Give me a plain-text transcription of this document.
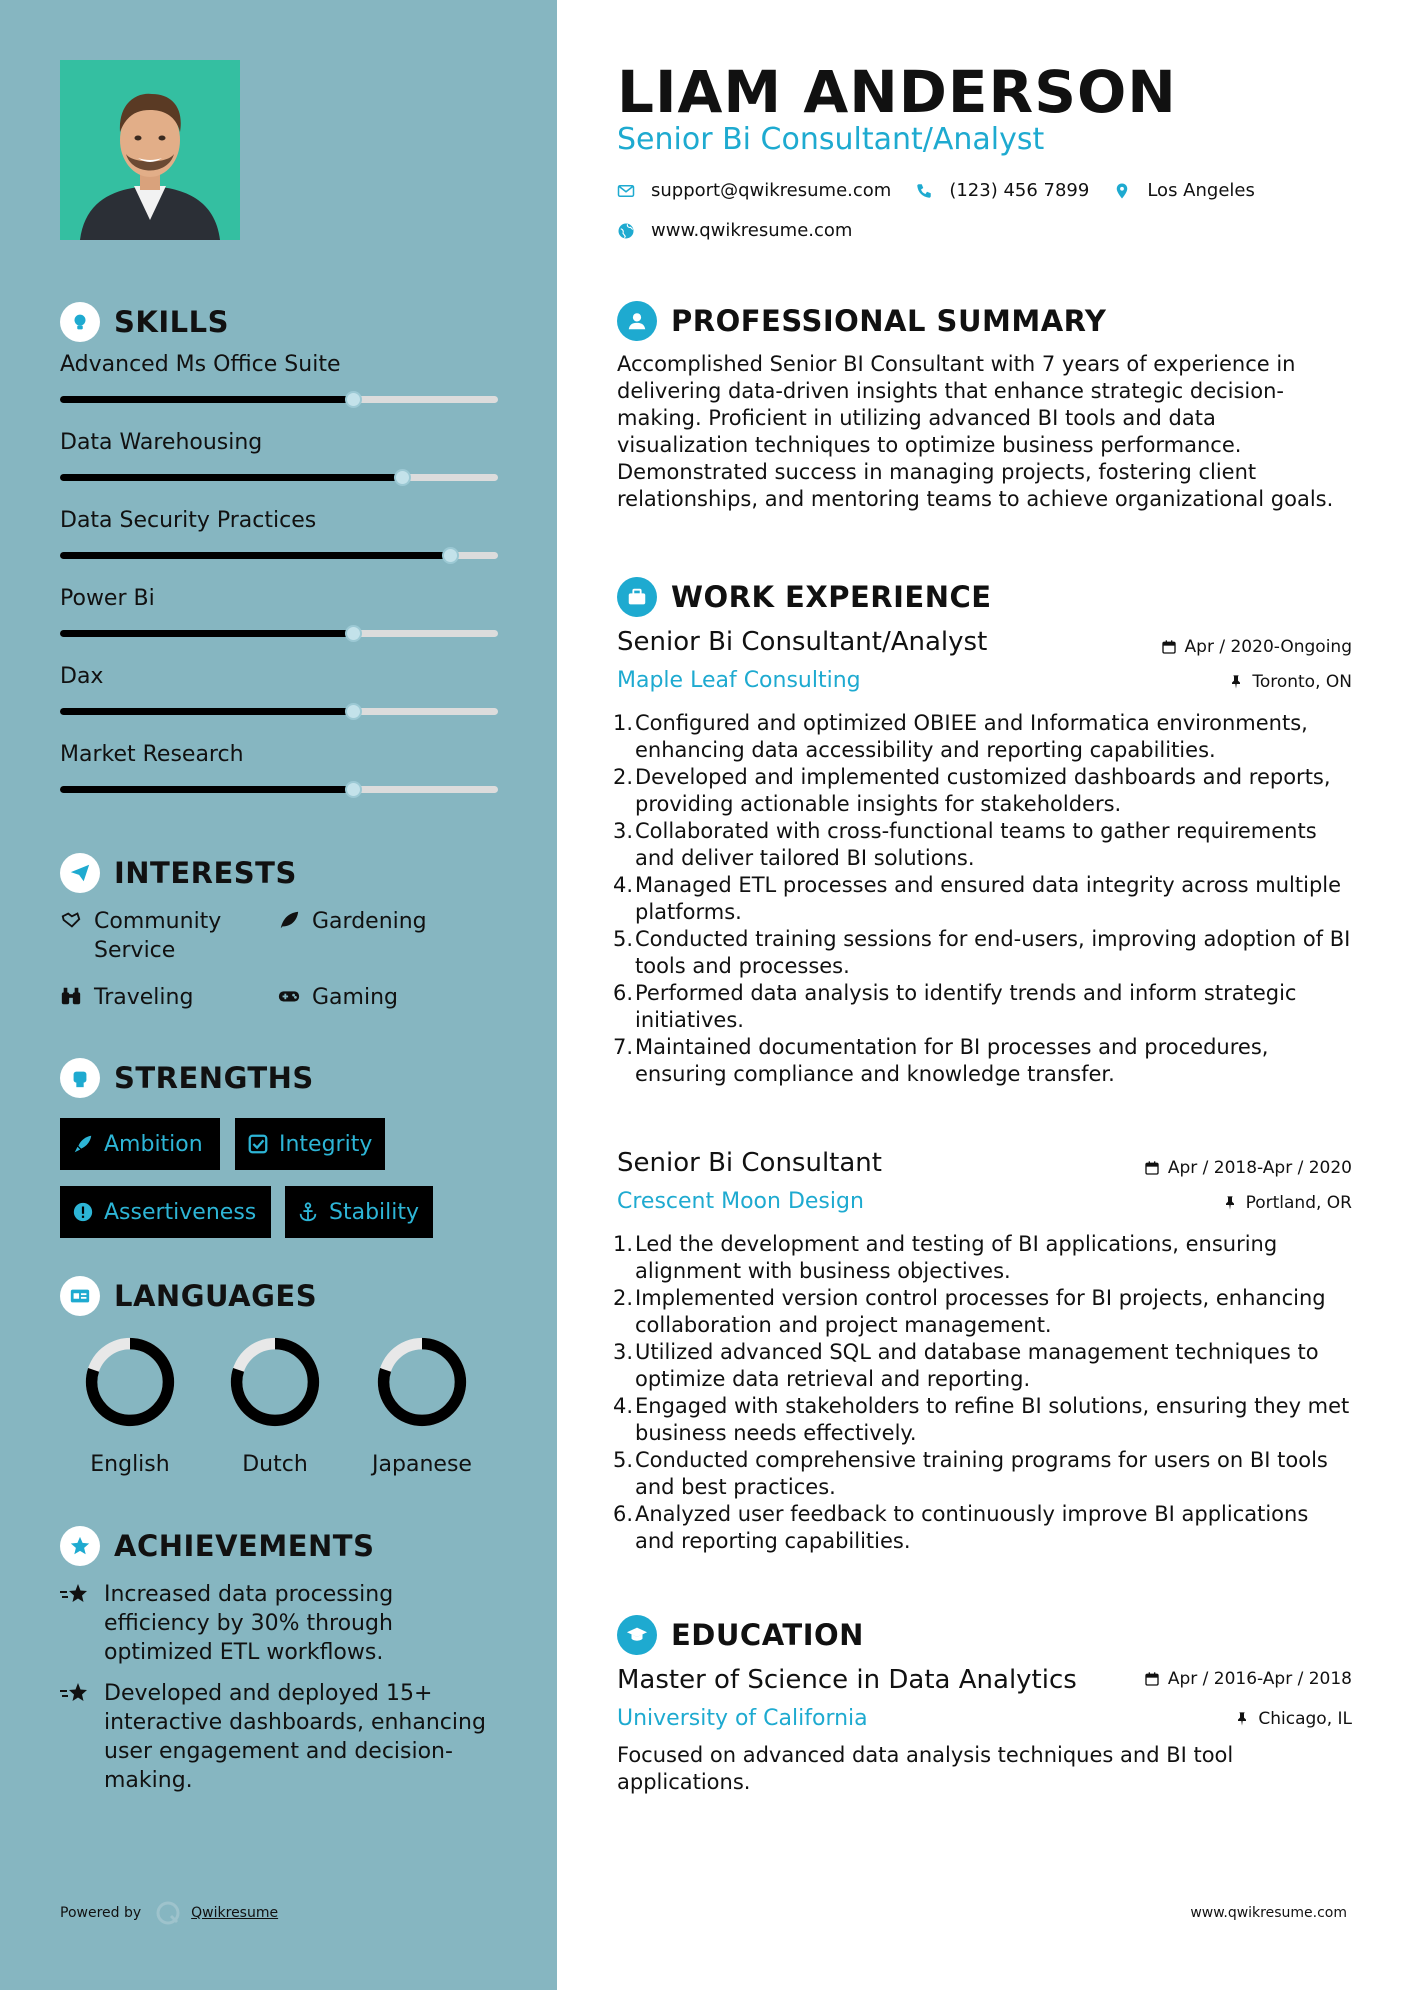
SKILLS
Advanced Ms Office Suite
Data Warehousing
Data Security Practices
Power Bi
Dax
Market Research
INTERESTS
Community Service
Gardening
Traveling	Gaming
STRENGTHS
Ambition	Integrity
Assertiveness	Stability
LANGUAGES
English	Dutch	Japanese
ACHIEVEMENTS
Increased data processing efficiency by 30% through optimized ETL workflows.
Developed and deployed 15+ interactive dashboards, enhancing user engagement and decision-making.
Powered by	Qwikresume
LIAM ANDERSON
Senior Bi Consultant/Analyst
support@qwikresume.com	(123) 456 7899	Los Angeles
www.qwikresume.com
PROFESSIONAL SUMMARY
Accomplished Senior BI Consultant with 7 years of experience in delivering data-driven insights that enhance strategic decision-making. Proficient in utilizing advanced BI tools and data visualization techniques to optimize business performance. Demonstrated success in managing projects, fostering client relationships, and mentoring teams to achieve organizational goals.
WORK EXPERIENCE
Senior Bi Consultant/Analyst	Apr / 2020-Ongoing
Maple Leaf Consulting	Toronto, ON
1. Configured and optimized OBIEE and Informatica environments, enhancing data accessibility and reporting capabilities.
2. Developed and implemented customized dashboards and reports, providing actionable insights for stakeholders.
3. Collaborated with cross-functional teams to gather requirements and deliver tailored BI solutions.
4. Managed ETL processes and ensured data integrity across multiple platforms.
5. Conducted training sessions for end-users, improving adoption of BI tools and processes.
6. Performed data analysis to identify trends and inform strategic initiatives.
7. Maintained documentation for BI processes and procedures, ensuring compliance and knowledge transfer.
Senior Bi Consultant	Apr / 2018-Apr / 2020
Crescent Moon Design	Portland, OR
1. Led the development and testing of BI applications, ensuring alignment with business objectives.
2. Implemented version control processes for BI projects, enhancing collaboration and project management.
3. Utilized advanced SQL and database management techniques to optimize data retrieval and reporting.
4. Engaged with stakeholders to refine BI solutions, ensuring they met business needs effectively.
5. Conducted comprehensive training programs for users on BI tools and best practices.
6. Analyzed user feedback to continuously improve BI applications and reporting capabilities.
EDUCATION
Master of Science in Data Analytics	Apr / 2016-Apr / 2018
University of California	Chicago, IL
Focused on advanced data analysis techniques and BI tool applications.
www.qwikresume.com
